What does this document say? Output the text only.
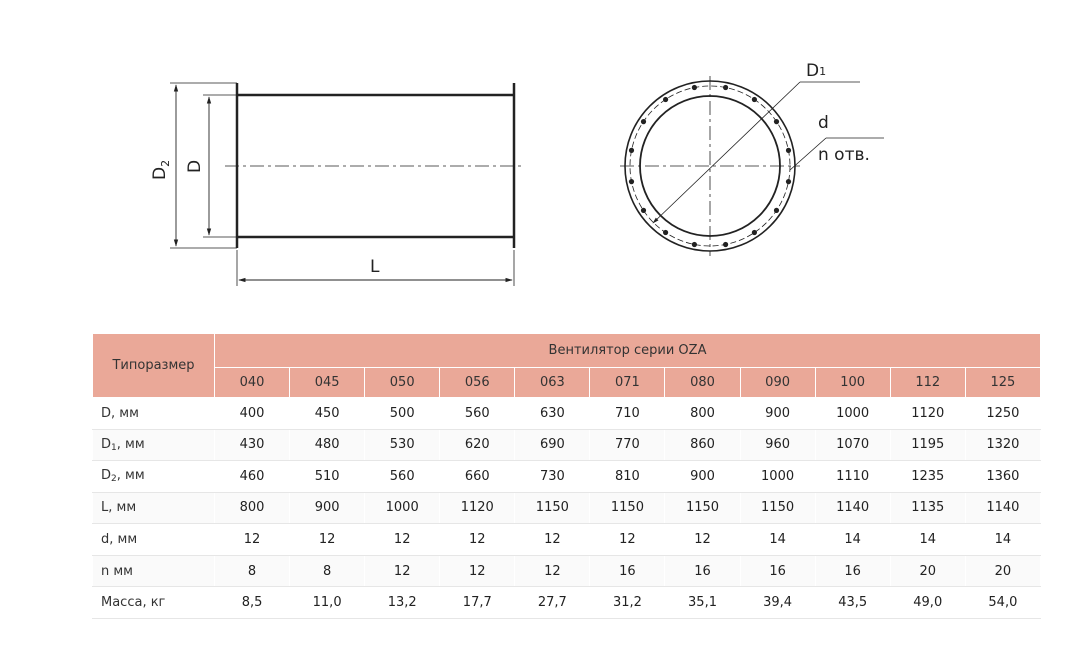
$D_2$ D
L
D1
d
n отв.
Типоразмер	Вентилятор серии OZA										
	040	045	050	056	063	071	080	090	100	112	125
D, мм	400	450	500	560	630	710	800	900	1000	1120	1250
$D_1$, мм	430	480	530	620	690	770	860	960	1070	1195	1320
$D_2$, мм	460	510	560	660	730	810	900	1000	1110	1235	1360
L, мм	800	900	1000	1120	1150	1150	1150	1150	1140	1135	1140
d, мм	12	12	12	12	12	12	12	14	14	14	14
n мм	8	8	12	12	12	16	16	16	16	20	20
Масса, кг	8,5	11,0	13,2	17,7	27,7	31,2	35,1	39,4	43,5	49,0	54,0
